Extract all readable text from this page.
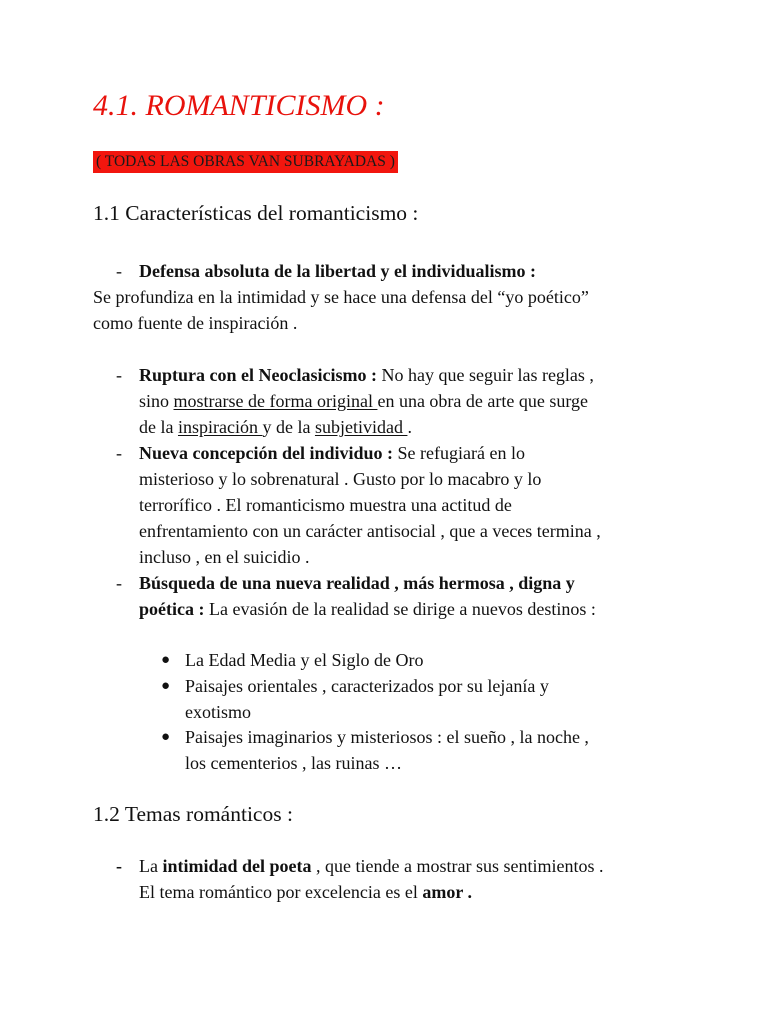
4.1. ROMANTICISMO :
( TODAS LAS OBRAS VAN SUBRAYADAS )
1.1 Características del romanticismo :
- Defensa absoluta de la libertad y el individualismo :
Se profundiza en la intimidad y se hace una defensa del “yo poético”
como fuente de inspiración .
- Ruptura con el Neoclasicismo : No hay que seguir las reglas ,
sino mostrarse de forma original en una obra de arte que surge
de la inspiración y de la subjetividad .
- Nueva concepción del individuo : Se refugiará en lo
misterioso y lo sobrenatural . Gusto por lo macabro y lo
terrorífico . El romanticismo muestra una actitud de
enfrentamiento con un carácter antisocial , que a veces termina ,
incluso , en el suicidio .
- Búsqueda de una nueva realidad , más hermosa , digna y
poética : La evasión de la realidad se dirige a nuevos destinos :
● La Edad Media y el Siglo de Oro
● Paisajes orientales , caracterizados por su lejanía y
exotismo
● Paisajes imaginarios y misteriosos : el sueño , la noche ,
los cementerios , las ruinas …
1.2 Temas románticos :
- La intimidad del poeta , que tiende a mostrar sus sentimientos .
El tema romántico por excelencia es el amor .
